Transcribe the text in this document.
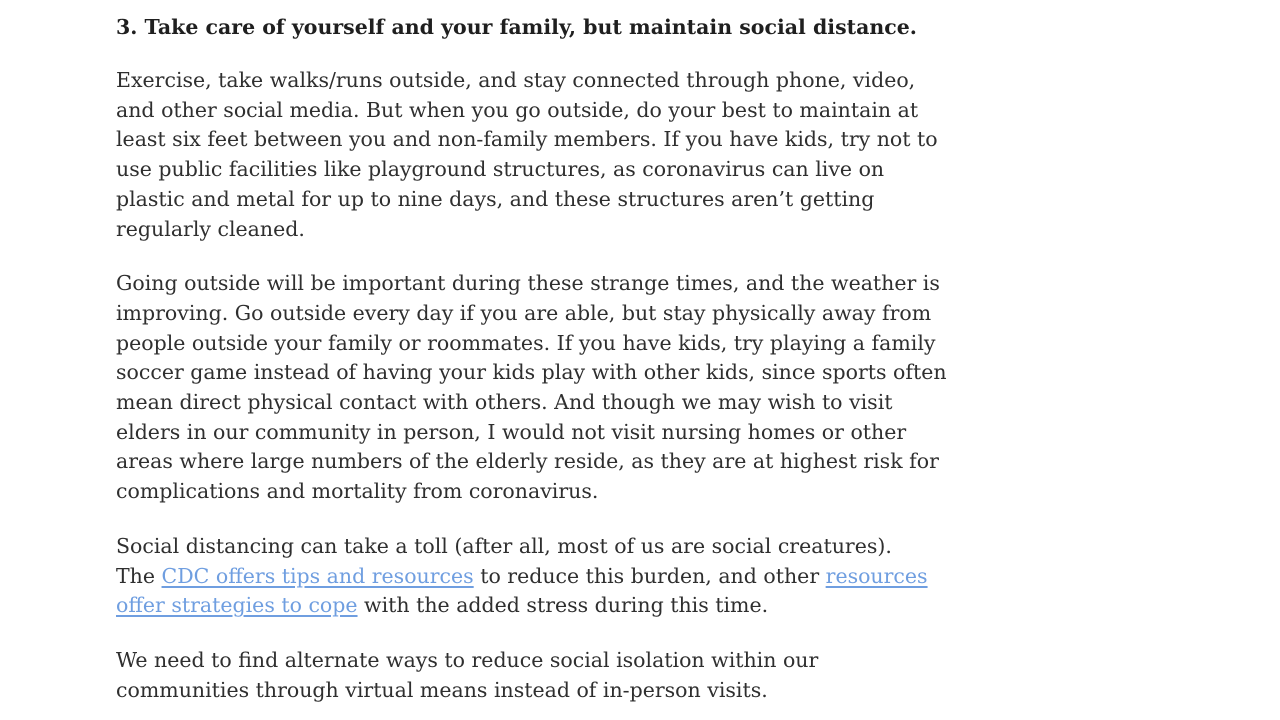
3. Take care of yourself and your family, but maintain social distance.

Exercise, take walks/runs outside, and stay connected through phone, video,
and other social media. But when you go outside, do your best to maintain at
least six feet between you and non-family members. If you have kids, try not to
use public facilities like playground structures, as coronavirus can live on
plastic and metal for up to nine days, and these structures aren’t getting
regularly cleaned.

Going outside will be important during these strange times, and the weather is
improving. Go outside every day if you are able, but stay physically away from
people outside your family or roommates. If you have kids, try playing a family
soccer game instead of having your kids play with other kids, since sports often
mean direct physical contact with others. And though we may wish to visit
elders in our community in person, I would not visit nursing homes or other
areas where large numbers of the elderly reside, as they are at highest risk for
complications and mortality from coronavirus.

Social distancing can take a toll (after all, most of us are social creatures).
The CDC offers tips and resources to reduce this burden, and other resources
offer strategies to cope with the added stress during this time.

We need to find alternate ways to reduce social isolation within our
communities through virtual means instead of in-person visits.
